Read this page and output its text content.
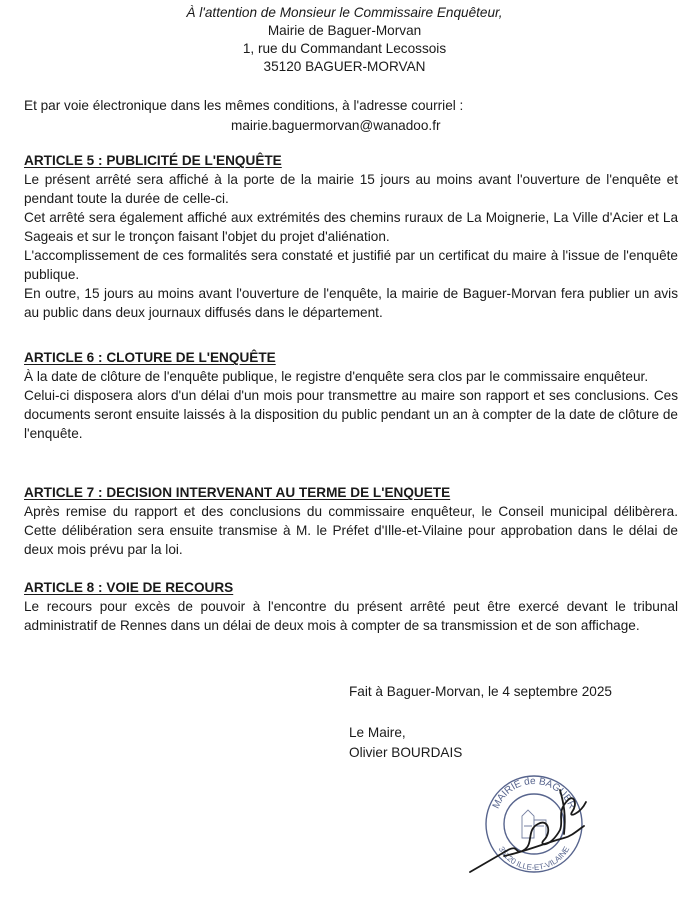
À l'attention de Monsieur le Commissaire Enquêteur,
Mairie de Baguer-Morvan
1, rue du Commandant Lecossois
35120 BAGUER-MORVAN
Et par voie électronique dans les mêmes conditions, à l'adresse courriel :
mairie.baguermorvan@wanadoo.fr
ARTICLE 5 : PUBLICITÉ DE L'ENQUÊTE

Le présent arrêté sera affiché à la porte de la mairie 15 jours au moins avant l'ouverture de l'enquête et pendant toute la durée de celle-ci.

Cet arrêté sera également affiché aux extrémités des chemins ruraux de La Moignerie, La Ville d'Acier et La Sageais et sur le tronçon faisant l'objet du projet d'aliénation.

L'accomplissement de ces formalités sera constaté et justifié par un certificat du maire à l'issue de l'enquête publique.

En outre, 15 jours au moins avant l'ouverture de l'enquête, la mairie de Baguer-Morvan fera publier un avis au public dans deux journaux diffusés dans le département.

ARTICLE 6 : CLOTURE DE L'ENQUÊTE

À la date de clôture de l'enquête publique, le registre d'enquête sera clos par le commissaire enquêteur.

Celui-ci disposera alors d'un délai d'un mois pour transmettre au maire son rapport et ses conclusions. Ces documents seront ensuite laissés à la disposition du public pendant un an à compter de la date de clôture de l'enquête.

ARTICLE 7 : DECISION INTERVENANT AU TERME DE L'ENQUETE

Après remise du rapport et des conclusions du commissaire enquêteur, le Conseil municipal délibèrera. Cette délibération sera ensuite transmise à M. le Préfet d'Ille-et-Vilaine pour approbation dans le délai de deux mois prévu par la loi.

ARTICLE 8 : VOIE DE RECOURS

Le recours pour excès de pouvoir à l'encontre du présent arrêté peut être exercé devant le tribunal administratif de Rennes dans un délai de deux mois à compter de sa transmission et de son affichage.

Fait à Baguer-Morvan, le 4 septembre 2025
Le Maire,
Olivier BOURDAIS
MAIRIE de BAGUER
35120 ILLE-ET-VILAINE
